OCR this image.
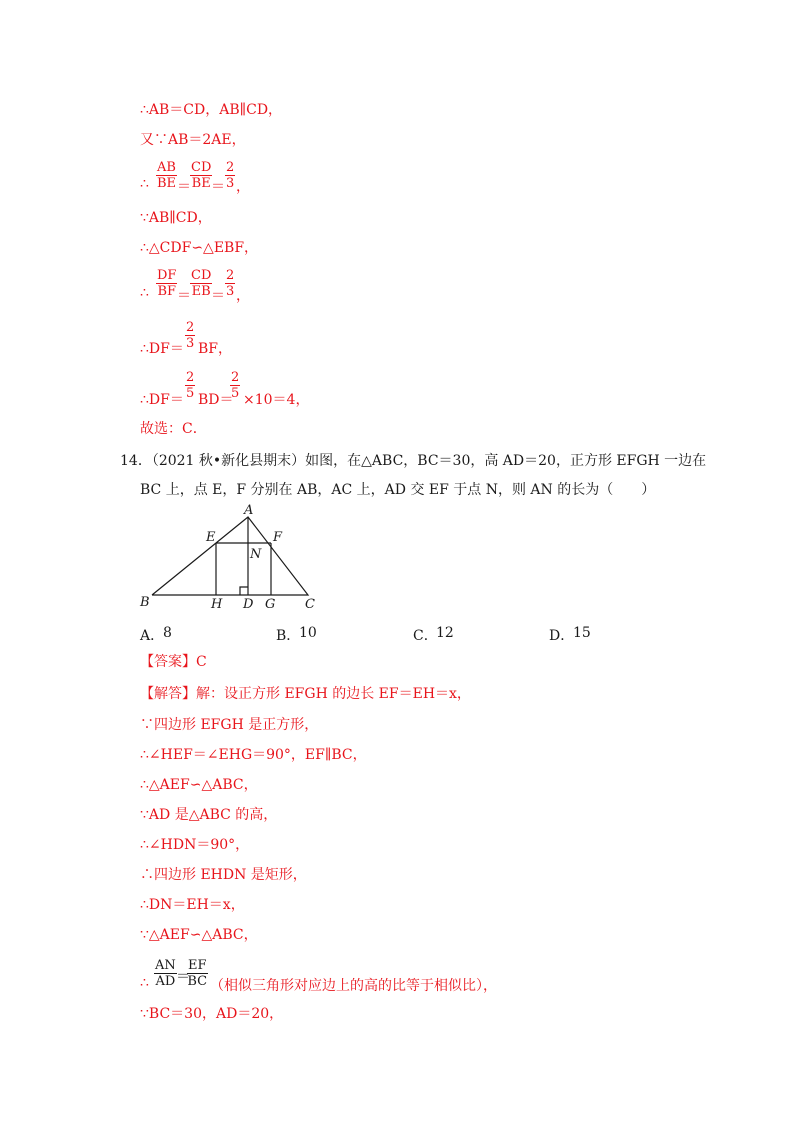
∴AB＝CD，AB∥CD，
又∵AB＝2AE，
$\frac{AB}{BE} = \frac{CD}{BE}$
＝ $\frac{2}{3}$
∴	，
∵AB∥CD，
∴△CDF∽△EBF，
$\frac{DF}{BF} = \frac{CD}{EB}$
＝ $\frac{2}{3}$
∴	，
∴DF＝ $\frac{2}{3}$ BF，
∴DF＝ $\frac{2}{5} BD=$
$\frac{2}{5} \times 10=4$，
故选：C．
14．（2021 秋•新化县期末）如图，在△ABC，BC＝30，高 AD＝20，正方形 EFGH 一边在
BC 上，点 E，F 分别在 AB，AC 上，AD 交 EF 于点 N，则 AN 的长为（　　）
A
E	F
N
B	H D G C
A．
8	B．
10	C．
12	D．
15
【答案】C
【解答】解：设正方形 EFGH 的边长 EF＝EH＝x，
∵四边形 EFGH 是正方形，
∴∠HEF＝∠EHG＝90°，EF∥BC，
∴△AEF∽△ABC，
∵AD 是△ABC 的高，
∴∠HDN＝90°，
∴四边形 EHDN 是矩形，
∴DN＝EH＝x，
∵△AEF∽△ABC，
∴ $\frac{AN}{AD}$ ＝
$\frac{EF}{BC}$ （相似三角形对应边上的高的比等于相似比），
∵BC＝30，AD＝20，
